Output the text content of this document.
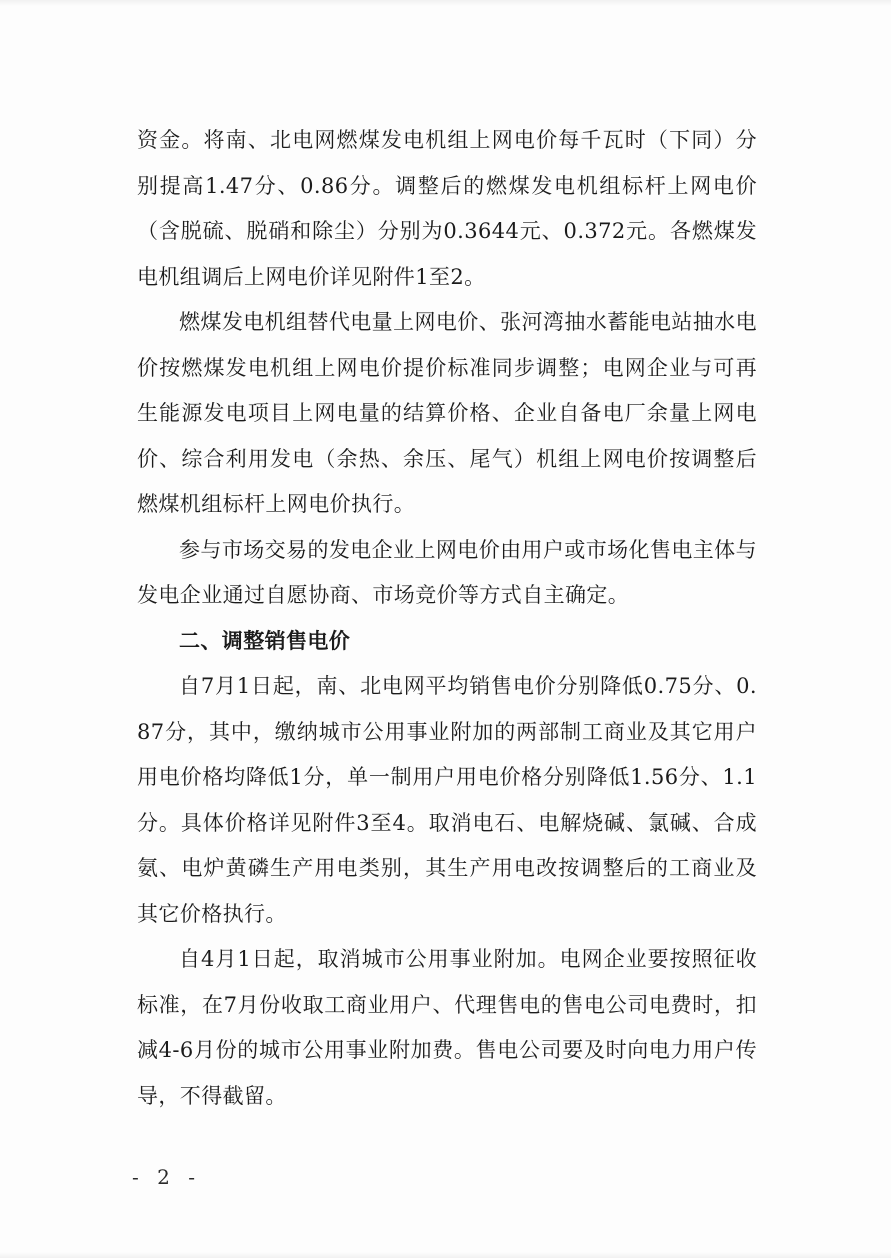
资金。将南、北电网燃煤发电机组上网电价每千瓦时（下同）分别提高1.47分、0.86分。调整后的燃煤发电机组标杆上网电价（含脱硫、脱硝和除尘）分别为0.3644元、0.372元。各燃煤发电机组调后上网电价详见附件1至2。

燃煤发电机组替代电量上网电价、张河湾抽水蓄能电站抽水电价按燃煤发电机组上网电价提价标准同步调整；电网企业与可再生能源发电项目上网电量的结算价格、企业自备电厂余量上网电价、综合利用发电（余热、余压、尾气）机组上网电价按调整后燃煤机组标杆上网电价执行。

参与市场交易的发电企业上网电价由用户或市场化售电主体与发电企业通过自愿协商、市场竞价等方式自主确定。

二、调整销售电价

自7月1日起，南、北电网平均销售电价分别降低0.75分、0.87分，其中，缴纳城市公用事业附加的两部制工商业及其它用户用电价格均降低1分，单一制用户用电价格分别降低1.56分、1.1分。具体价格详见附件3至4。取消电石、电解烧碱、氯碱、合成氨、电炉黄磷生产用电类别，其生产用电改按调整后的工商业及其它价格执行。

自4月1日起，取消城市公用事业附加。电网企业要按照征收标准，在7月份收取工商业用户、代理售电的售电公司电费时，扣减4-6月份的城市公用事业附加费。售电公司要及时向电力用户传导，不得截留。

- 2 -
